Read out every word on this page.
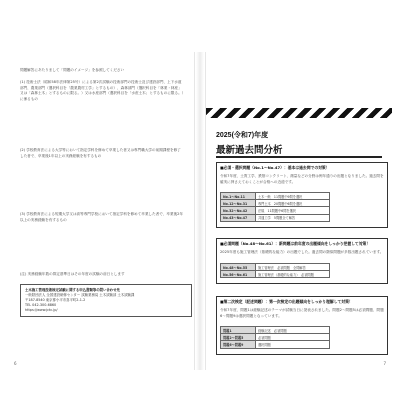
問題解答にあたりまして「問題のイメージ」を参照してください
(1) 技術士法（昭和58年法律第25号）による第2次試験の技術部門の技術士及び建設部門、上下水道部門、農業部門（選択科目を「農業農村工学」とするもの）、森林部門（選択科目を「林業・林産」又は「森林土木」とするものに限る。）又は水産部門（選択科目を「水産土木」とするものに限る。）に係るもの
(2) 学校教育法による大学等において指定学科を修めて卒業した者又は専門職大学の前期課程を修了した者で、卒業後1年以上の実務経験を有するもの
(3) 学校教育法による短期大学又は高等専門学校において指定学科を修めて卒業した者で、卒業後2年以上の実務経験を有するもの
(注) 実務経験年数の算定基準日はその年度の試験の前日とします
土木施工管理技術検定試験に関する申込書類等の問い合わせ先
一般財団法人 全国建設研修センター 試験業務局 土木試験部 土木試験課
〒187-8540 東京都小平市喜平町2-1-2
TEL 042-300-6860
https://www.jctc.jp/
6
2025(令和7)年度
最新過去問分析
■必須・選択問題（No.1～No.47）：基本は過去問での対策！
令和7年度、土質工学、鉄筋コンクリート、測量などの分野は例年通りの出題となりました。過去問を確実に押さえておくことが合格への近道です。
No.1～No.11	土木一般　11問題中9問を選択
No.12～No.31	専門土木　20問題中6問を選択
No.32～No.42	法規　11問題中6問を選択
No.43～No.47	共通工学　5問題全て解答
■必須問題（No.48～No.61）：新問題は前年度の出題傾向をしっかり把握して対策！
2025年度も施工管理法（基礎的な能力）の出題でした。過去問の類似問題が多数出題されています。
No.48～No.55	施工管理法　必須問題　全問解答
No.56～No.61	施工管理法（基礎的な能力）　必須問題
■第二次検定（記述問題）：第一次検定の出題傾向をしっかり理解して対策！
令和7年度、問題1は経験記述のテーマが試験当日に発表されました。問題2～問題5は必須問題、問題6～問題9は選択問題となっています。
問題1	経験記述　必須問題
問題2～問題5	必須問題
問題6～問題9	選択問題
7
